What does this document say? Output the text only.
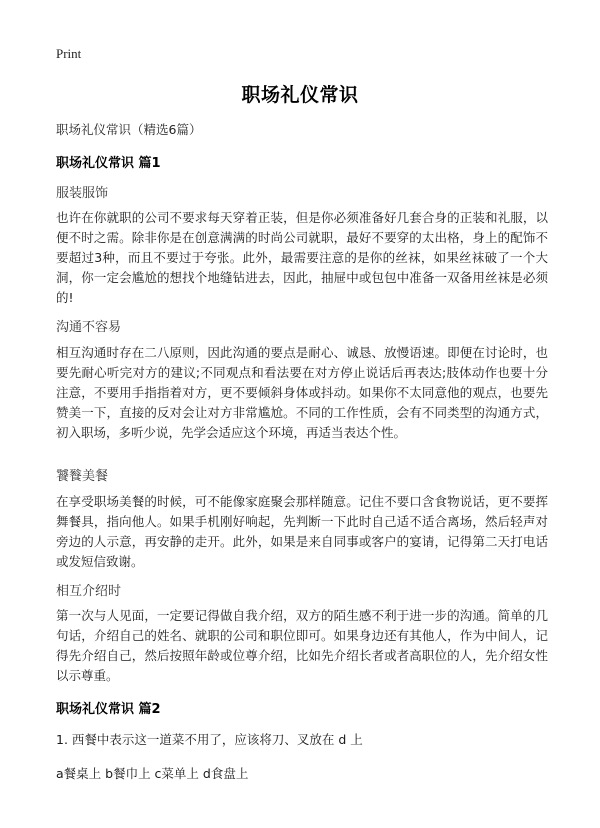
Print
职场礼仪常识
职场礼仪常识（精选6篇）
职场礼仪常识 篇1
服装服饰
也许在你就职的公司不要求每天穿着正装，但是你必须准备好几套合身的正装和礼服，以便不时之需。除非你是在创意满满的时尚公司就职，最好不要穿的太出格，身上的配饰不要超过3种，而且不要过于夸张。此外，最需要注意的是你的丝袜，如果丝袜破了一个大洞，你一定会尴尬的想找个地缝钻进去，因此，抽屉中或包包中准备一双备用丝袜是必须的!
沟通不容易
相互沟通时存在二八原则，因此沟通的要点是耐心、诚恳、放慢语速。即便在讨论时，也要先耐心听完对方的建议;不同观点和看法要在对方停止说话后再表达;肢体动作也要十分注意，不要用手指指着对方，更不要倾斜身体或抖动。如果你不太同意他的观点，也要先赞美一下，直接的反对会让对方非常尴尬。不同的工作性质，会有不同类型的沟通方式，初入职场，多听少说，先学会适应这个环境，再适当表达个性。
饕餮美餐
在享受职场美餐的时候，可不能像家庭聚会那样随意。记住不要口含食物说话，更不要挥舞餐具，指向他人。如果手机刚好响起，先判断一下此时自己适不适合离场，然后轻声对旁边的人示意，再安静的走开。此外，如果是来自同事或客户的宴请，记得第二天打电话或发短信致谢。
相互介绍时
第一次与人见面，一定要记得做自我介绍，双方的陌生感不利于进一步的沟通。简单的几句话，介绍自己的姓名、就职的公司和职位即可。如果身边还有其他人，作为中间人，记得先介绍自己，然后按照年龄或位尊介绍，比如先介绍长者或者高职位的人，先介绍女性以示尊重。
职场礼仪常识 篇2
1. 西餐中表示这一道菜不用了，应该将刀、叉放在 d 上
a餐桌上 b餐巾上 c菜单上 d食盘上
